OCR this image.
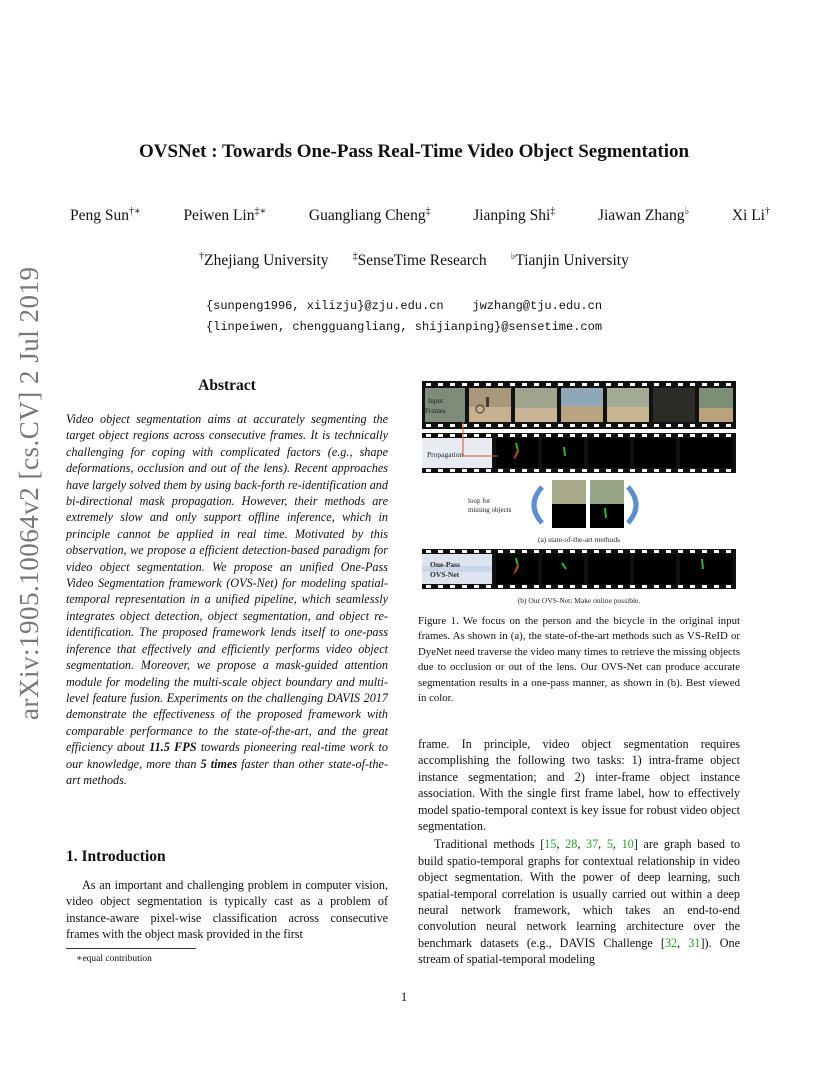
arXiv:1905.10064v2 [cs.CV] 2 Jul 2019
OVSNet : Towards One-Pass Real-Time Video Object Segmentation
Peng Sun†∗	Peiwen Lin‡∗	Guangliang Cheng‡	Jianping Shi‡	Jiawan Zhang♭	Xi Li†
†Zhejiang University ‡SenseTime Research ♭Tianjin University
{sunpeng1996, xilizju}@zju.edu.cn    jwzhang@tju.edu.cn
{linpeiwen, chengguangliang, shijianping}@sensetime.com
Abstract
Video object segmentation aims at accurately segmenting the target object regions across consecutive frames. It is technically challenging for coping with complicated factors (e.g., shape deformations, occlusion and out of the lens). Recent approaches have largely solved them by using back-forth re-identification and bi-directional mask propagation. However, their methods are extremely slow and only support offline inference, which in principle cannot be applied in real time. Motivated by this observation, we propose a efficient detection-based paradigm for video object segmentation. We propose an unified One-Pass Video Segmentation framework (OVS-Net) for modeling spatial-temporal representation in a unified pipeline, which seamlessly integrates object detection, object segmentation, and object re-identification. The proposed framework lends itself to one-pass inference that effectively and efficiently performs video object segmentation. Moreover, we propose a mask-guided attention module for modeling the multi-scale object boundary and multi-level feature fusion. Experiments on the challenging DAVIS 2017 demonstrate the effectiveness of the proposed framework with comparable performance to the state-of-the-art, and the great efficiency about 11.5 FPS towards pioneering real-time work to our knowledge, more than 5 times faster than other state-of-the-art methods.
1. Introduction
As an important and challenging problem in computer vision, video object segmentation is typically cast as a problem of instance-aware pixel-wise classification across consecutive frames with the object mask provided in the first
∗equal contribution
Input
Frames
Propagation
loop for
missing objects
(a) state-of-the-art methods
One-Pass
OVS-Net
(b) Our OVS-Net: Make online possible.
Figure 1. We focus on the person and the bicycle in the original input frames. As shown in (a), the state-of-the-art methods such as VS-ReID or DyeNet need traverse the video many times to retrieve the missing objects due to occlusion or out of the lens. Our OVS-Net can produce accurate segmentation results in a one-pass manner, as shown in (b). Best viewed in color.

frame. In principle, video object segmentation requires accomplishing the following two tasks: 1) intra-frame object instance segmentation; and 2) inter-frame object instance association. With the single first frame label, how to effectively model spatio-temporal context is key issue for robust video object segmentation.

Traditional methods [15, 28, 37, 5, 10] are graph based to build spatio-temporal graphs for contextual relationship in video object segmentation. With the power of deep learning, such spatial-temporal correlation is usually carried out within a deep neural network framework, which takes an end-to-end convolution neural network learning architecture over the benchmark datasets (e.g., DAVIS Challenge [32, 31]). One stream of spatial-temporal modeling

1
